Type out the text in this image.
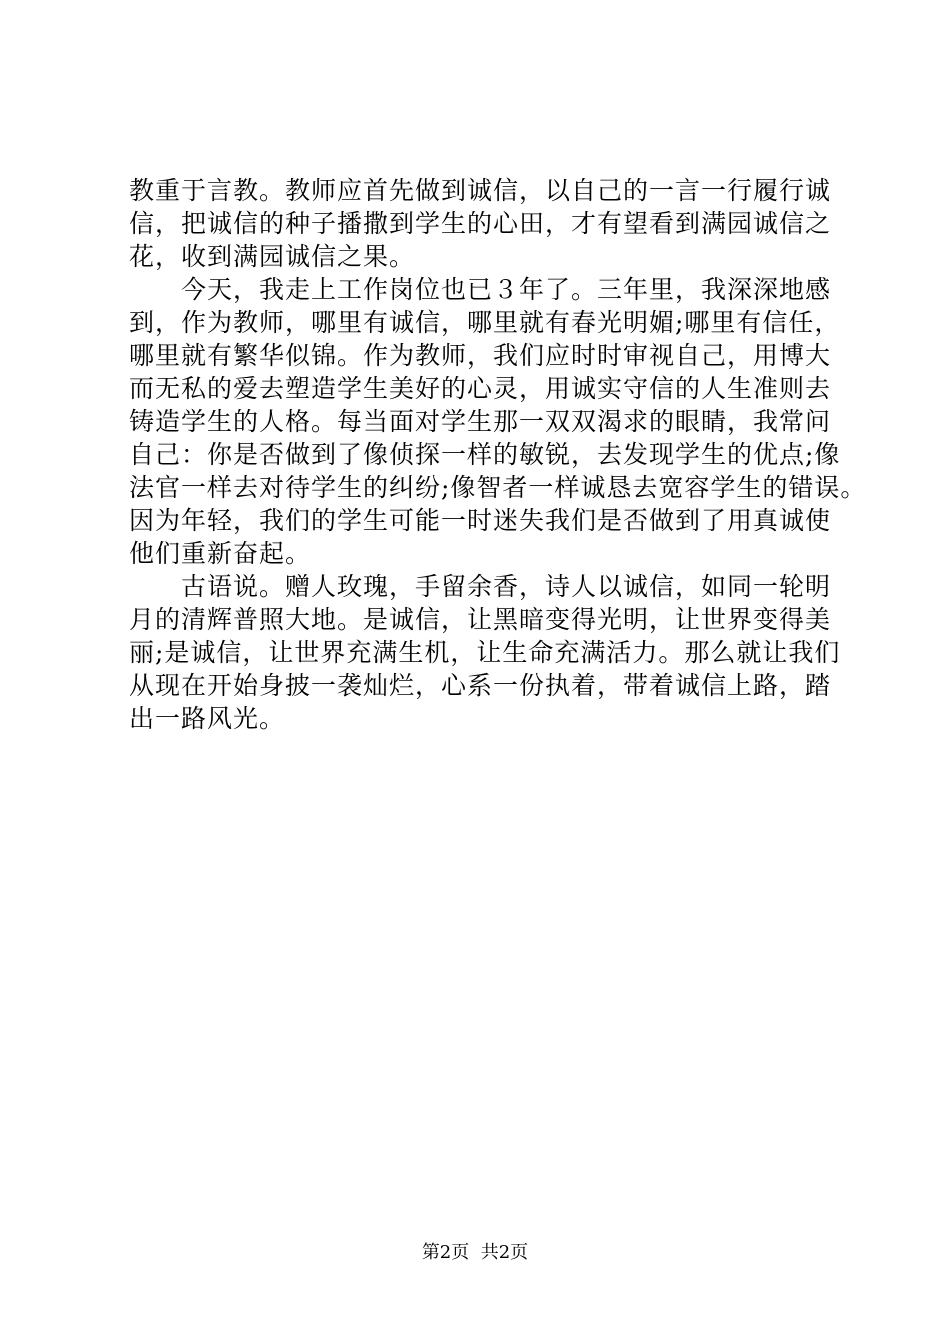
教重于言教。教师应首先做到诚信，以自己的一言一行履行诚
信，把诚信的种子播撒到学生的心田，才有望看到满园诚信之
花，收到满园诚信之果。
　　今天，我走上工作岗位也已３年了。三年里，我深深地感
到，作为教师，哪里有诚信，哪里就有春光明媚;哪里有信任，
哪里就有繁华似锦。作为教师，我们应时时审视自己，用博大
而无私的爱去塑造学生美好的心灵，用诚实守信的人生准则去
铸造学生的人格。每当面对学生那一双双渴求的眼睛，我常问
自己：你是否做到了像侦探一样的敏锐，去发现学生的优点;像
法官一样去对待学生的纠纷;像智者一样诚恳去宽容学生的错误。
因为年轻，我们的学生可能一时迷失我们是否做到了用真诚使
他们重新奋起。
　　古语说。赠人玫瑰，手留余香，诗人以诚信，如同一轮明
月的清辉普照大地。是诚信，让黑暗变得光明，让世界变得美
丽;是诚信，让世界充满生机，让生命充满活力。那么就让我们
从现在开始身披一袭灿烂，心系一份执着，带着诚信上路，踏
出一路风光。
第2页  共2页
